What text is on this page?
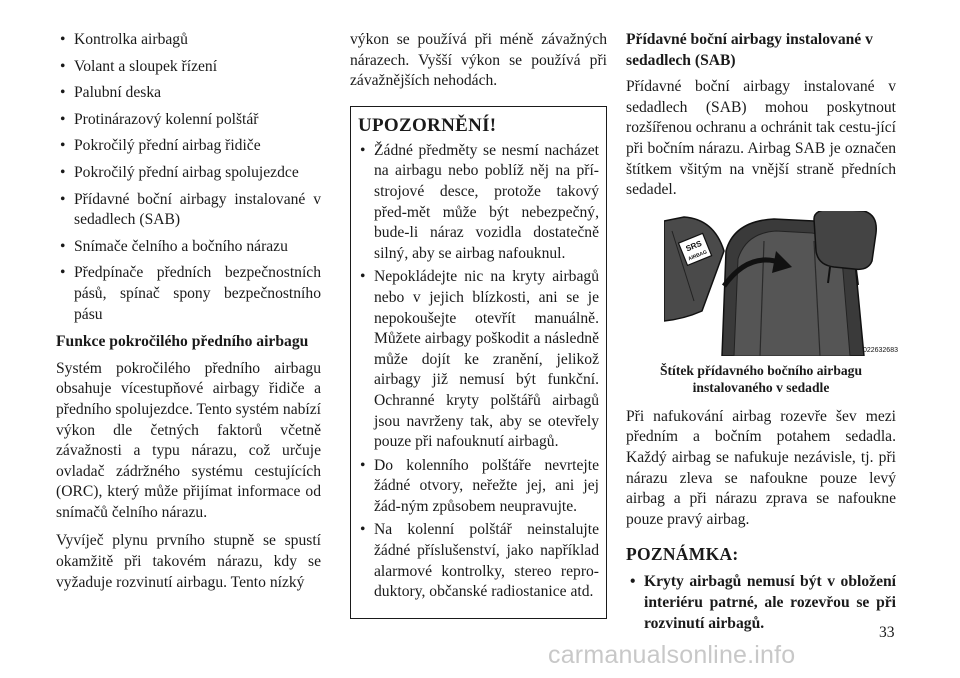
• Kontrolka airbagů
• Volant a sloupek řízení
• Palubní deska
• Protinárazový kolenní polštář
• Pokročilý přední airbag řidiče
• Pokročilý přední airbag spolujezdce
• Přídavné boční airbagy instalované v sedadlech (SAB)
• Snímače čelního a bočního nárazu
• Předpínače předních bezpečnostních pásů, spínač spony bezpečnostního pásu
Funkce pokročilého předního airbagu

Systém pokročilého předního airbagu obsahuje vícestupňové airbagy řidiče a předního spolujezdce. Tento systém nabízí výkon dle četných faktorů včetně závažnosti a typu nárazu, což určuje ovladač zádržného systému cestujících (ORC), který může přijímat informace od snímačů čelního nárazu.

Vyvíječ plynu prvního stupně se spustí okamžitě při takovém nárazu, kdy se vyžaduje rozvinutí airbagu. Tento nízký

výkon se používá při méně závažných nárazech. Vyšší výkon se používá při závažnějších nehodách.

UPOZORNĚNÍ!
• Žádné předměty se nesmí nacházet na airbagu nebo poblíž něj na pří-strojové desce, protože takový před-mět může být nebezpečný, bude-li náraz vozidla dostatečně silný, aby se airbag nafouknul.
• Nepokládejte nic na kryty airbagů nebo v jejich blízkosti, ani se je nepokoušejte otevřít manuálně. Můžete airbagy poškodit a následně může dojít ke zranění, jelikož airbagy již nemusí být funkční. Ochranné kryty polštářů airbagů jsou navrženy tak, aby se otevřely pouze při nafouknutí airbagů.
• Do kolenního polštáře nevrtejte žádné otvory, neřežte jej, ani jej žád-ným způsobem neupravujte.
• Na kolenní polštář neinstalujte žádné příslušenství, jako například alarmové kontrolky, stereo repro-duktory, občanské radiostanice atd.
Přídavné boční airbagy instalované v sedadlech (SAB)

Přídavné boční airbagy instalované v sedadlech (SAB) mohou poskytnout rozšířenou ochranu a ochránit tak cestu-jící při bočním nárazu. Airbag SAB je označen štítkem všitým na vnější straně předních sedadel.

SRS
AIRBAG
022632683
Štítek přídavného bočního airbagu instalovaného v sedadle

Při nafukování airbag rozevře šev mezi předním a bočním potahem sedadla. Každý airbag se nafukuje nezávisle, tj. při nárazu zleva se nafoukne pouze levý airbag a při nárazu zprava se nafoukne pouze pravý airbag.

POZNÁMKA:
• Kryty airbagů nemusí být v obložení interiéru patrné, ale rozevřou se při rozvinutí airbagů.
33
carmanualsonline.info
